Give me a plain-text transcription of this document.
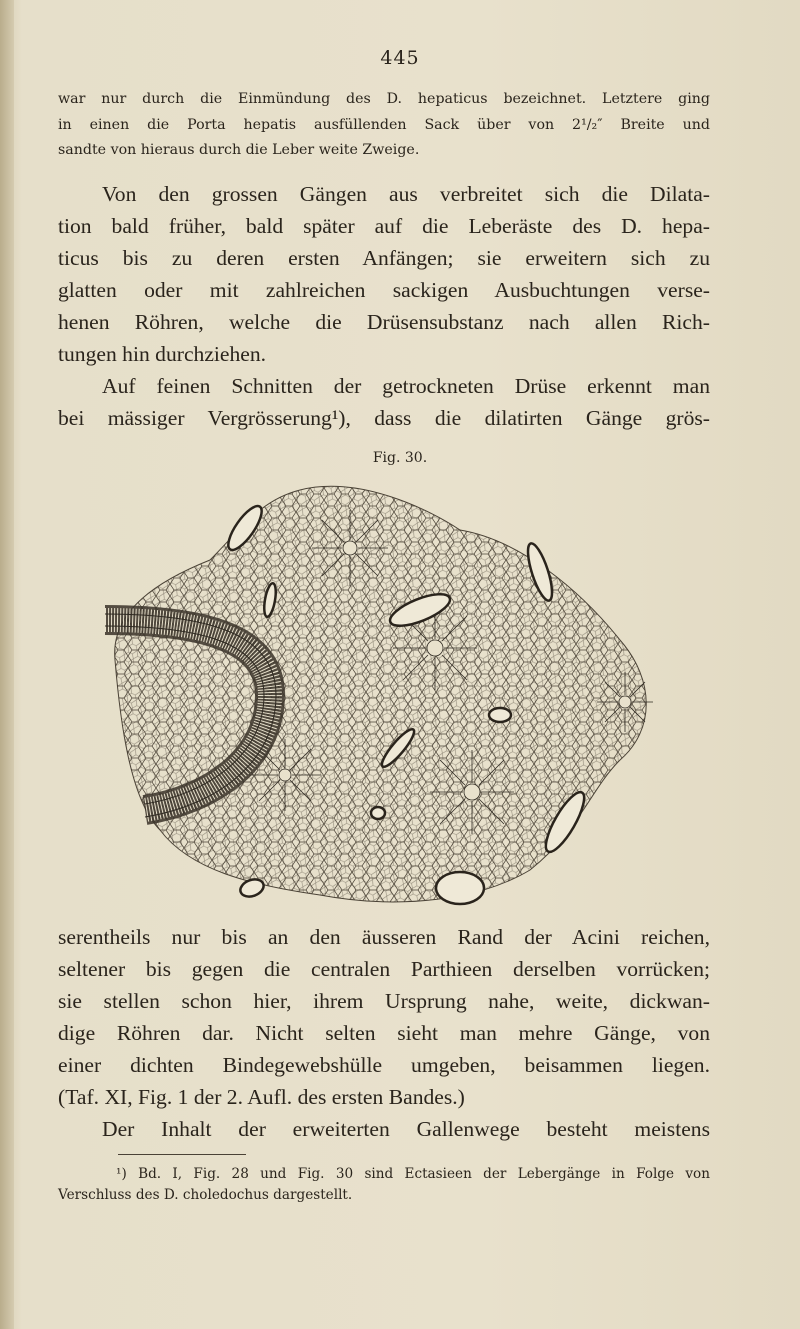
445
war nur durch die Einmündung des D. hepaticus bezeichnet. Letztere ging
in einen die Porta hepatis ausfüllenden Sack über von 2¹/₂″ Breite und
sandte von hieraus durch die Leber weite Zweige.
Von den grossen Gängen aus verbreitet sich die Dilata-
tion bald früher, bald später auf die Leberäste des D. hepa-
ticus bis zu deren ersten Anfängen; sie erweitern sich zu
glatten oder mit zahlreichen sackigen Ausbuchtungen verse-
henen Röhren, welche die Drüsensubstanz nach allen Rich-
tungen hin durchziehen.
Auf feinen Schnitten der getrockneten Drüse erkennt man
bei mässiger Vergrösserung¹), dass die dilatirten Gänge grös-
Fig. 30.
serentheils nur bis an den äusseren Rand der Acini reichen,
seltener bis gegen die centralen Parthieen derselben vorrücken;
sie stellen schon hier, ihrem Ursprung nahe, weite, dickwan-
dige Röhren dar. Nicht selten sieht man mehre Gänge, von
einer dichten Bindegewebshülle umgeben, beisammen liegen.
(Taf. XI, Fig. 1 der 2. Aufl. des ersten Bandes.)
Der Inhalt der erweiterten Gallenwege besteht meistens
¹) Bd. I, Fig. 28 und Fig. 30 sind Ectasieen der Lebergänge in Folge von
Verschluss des D. choledochus dargestellt.
